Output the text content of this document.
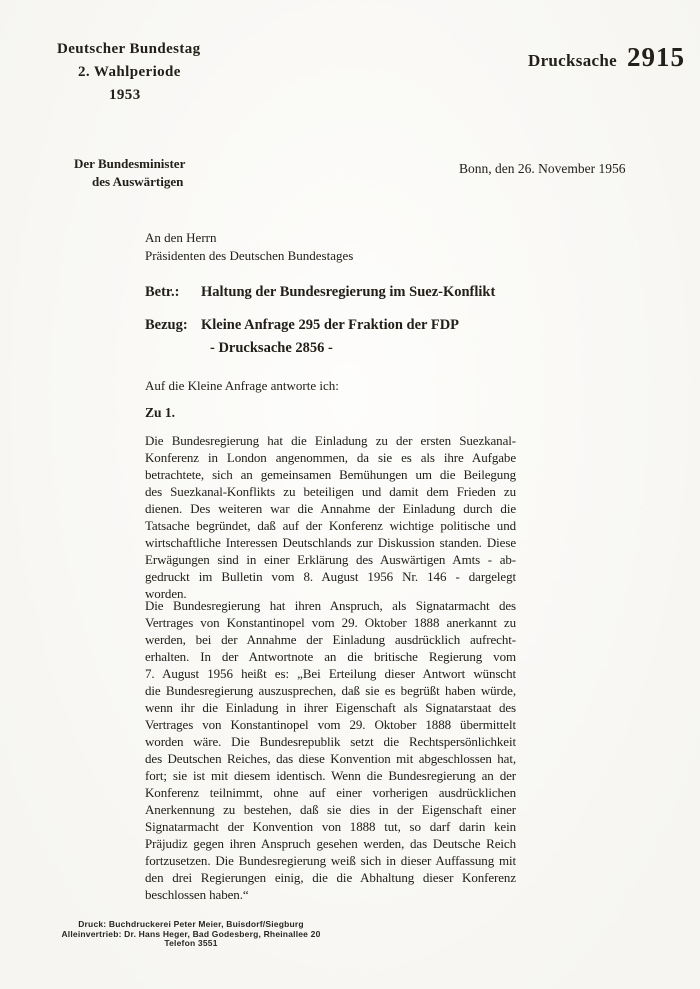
Deutscher Bundestag
2. Wahlperiode
1953
Drucksache 2915
Der Bundesminister
des Auswärtigen
Bonn, den 26. November 1956
An den Herrn
Präsidenten des Deutschen Bundestages
Betr.:	Haltung der Bundesregierung im Suez-Konflikt
Bezug: Kleine Anfrage 295 der Fraktion der FDP
- Drucksache 2856 -
Auf die Kleine Anfrage antworte ich:
Zu 1.
Die Bundesregierung hat die Einladung zu der ersten Suezkanal-
Konferenz in London angenommen, da sie es als ihre Aufgabe
betrachtete, sich an gemeinsamen Bemühungen um die Beilegung
des Suezkanal-Konflikts zu beteiligen und damit dem Frieden zu
dienen. Des weiteren war die Annahme der Einladung durch die
Tatsache begründet, daß auf der Konferenz wichtige politische und
wirtschaftliche Interessen Deutschlands zur Diskussion standen. Diese
Erwägungen sind in einer Erklärung des Auswärtigen Amts - ab-
gedruckt im Bulletin vom 8. August 1956 Nr. 146 - dargelegt
worden.
Die Bundesregierung hat ihren Anspruch, als Signatarmacht des
Vertrages von Konstantinopel vom 29. Oktober 1888 anerkannt zu
werden, bei der Annahme der Einladung ausdrücklich aufrecht-
erhalten. In der Antwortnote an die britische Regierung vom
7. August 1956 heißt es: „Bei Erteilung dieser Antwort wünscht
die Bundesregierung auszusprechen, daß sie es begrüßt haben würde,
wenn ihr die Einladung in ihrer Eigenschaft als Signatarstaat des
Vertrages von Konstantinopel vom 29. Oktober 1888 übermittelt
worden wäre. Die Bundesrepublik setzt die Rechtspersönlichkeit
des Deutschen Reiches, das diese Konvention mit abgeschlossen hat,
fort; sie ist mit diesem identisch. Wenn die Bundesregierung an der
Konferenz teilnimmt, ohne auf einer vorherigen ausdrücklichen
Anerkennung zu bestehen, daß sie dies in der Eigenschaft einer
Signatarmacht der Konvention von 1888 tut, so darf darin kein
Präjudiz gegen ihren Anspruch gesehen werden, das Deutsche Reich
fortzusetzen. Die Bundesregierung weiß sich in dieser Auffassung mit
den drei Regierungen einig, die die Abhaltung dieser Konferenz
beschlossen haben.“
Druck: Buchdruckerei Peter Meier, Buisdorf/Siegburg
Alleinvertrieb: Dr. Hans Heger, Bad Godesberg, Rheinallee 20
Telefon 3551
